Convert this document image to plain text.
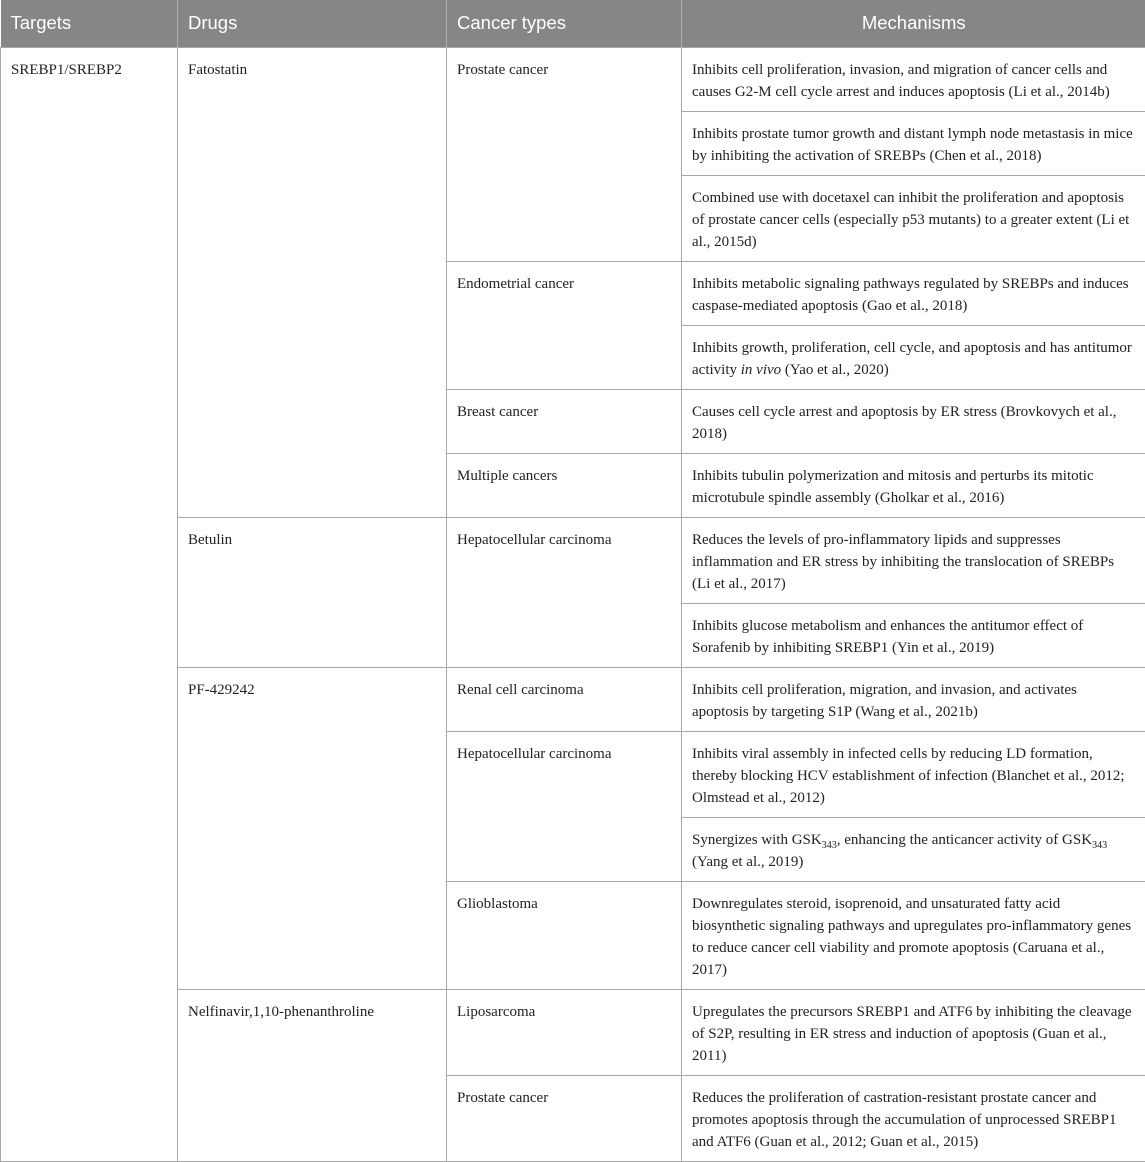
Targets	Drugs	Cancer types	Mechanisms
SREBP1/SREBP2	Fatostatin	Prostate cancer	Inhibits cell proliferation, invasion, and migration of cancer cells and causes G2-M cell cycle arrest and induces apoptosis (Li et al., 2014b)
			Inhibits prostate tumor growth and distant lymph node metastasis in mice by inhibiting the activation of SREBPs (Chen et al., 2018)
			Combined use with docetaxel can inhibit the proliferation and apoptosis of prostate cancer cells (especially p53 mutants) to a greater extent (Li et al., 2015d)
		Endometrial cancer	Inhibits metabolic signaling pathways regulated by SREBPs and induces caspase-mediated apoptosis (Gao et al., 2018)
			Inhibits growth, proliferation, cell cycle, and apoptosis and has antitumor activity in vivo (Yao et al., 2020)
		Breast cancer	Causes cell cycle arrest and apoptosis by ER stress (Brovkovych et al., 2018)
		Multiple cancers	Inhibits tubulin polymerization and mitosis and perturbs its mitotic microtubule spindle assembly (Gholkar et al., 2016)
	Betulin	Hepatocellular carcinoma	Reduces the levels of pro-inflammatory lipids and suppresses inflammation and ER stress by inhibiting the translocation of SREBPs (Li et al., 2017)
			Inhibits glucose metabolism and enhances the antitumor effect of Sorafenib by inhibiting SREBP1 (Yin et al., 2019)
	PF-429242	Renal cell carcinoma	Inhibits cell proliferation, migration, and invasion, and activates apoptosis by targeting S1P (Wang et al., 2021b)
		Hepatocellular carcinoma	Inhibits viral assembly in infected cells by reducing LD formation, thereby blocking HCV establishment of infection (Blanchet et al., 2012; Olmstead et al., 2012)
			Synergizes with $GSK_{343}$, enhancing the anticancer activity of $GSK_{343}$ (Yang et al., 2019)
		Glioblastoma	Downregulates steroid, isoprenoid, and unsaturated fatty acid biosynthetic signaling pathways and upregulates pro-inflammatory genes to reduce cancer cell viability and promote apoptosis (Caruana et al., 2017)
	Nelfinavir,1,10-phenanthroline	Liposarcoma	Upregulates the precursors SREBP1 and ATF6 by inhibiting the cleavage of S2P, resulting in ER stress and induction of apoptosis (Guan et al., 2011)
		Prostate cancer	Reduces the proliferation of castration-resistant prostate cancer and promotes apoptosis through the accumulation of unprocessed SREBP1 and ATF6 (Guan et al., 2012; Guan et al., 2015)
